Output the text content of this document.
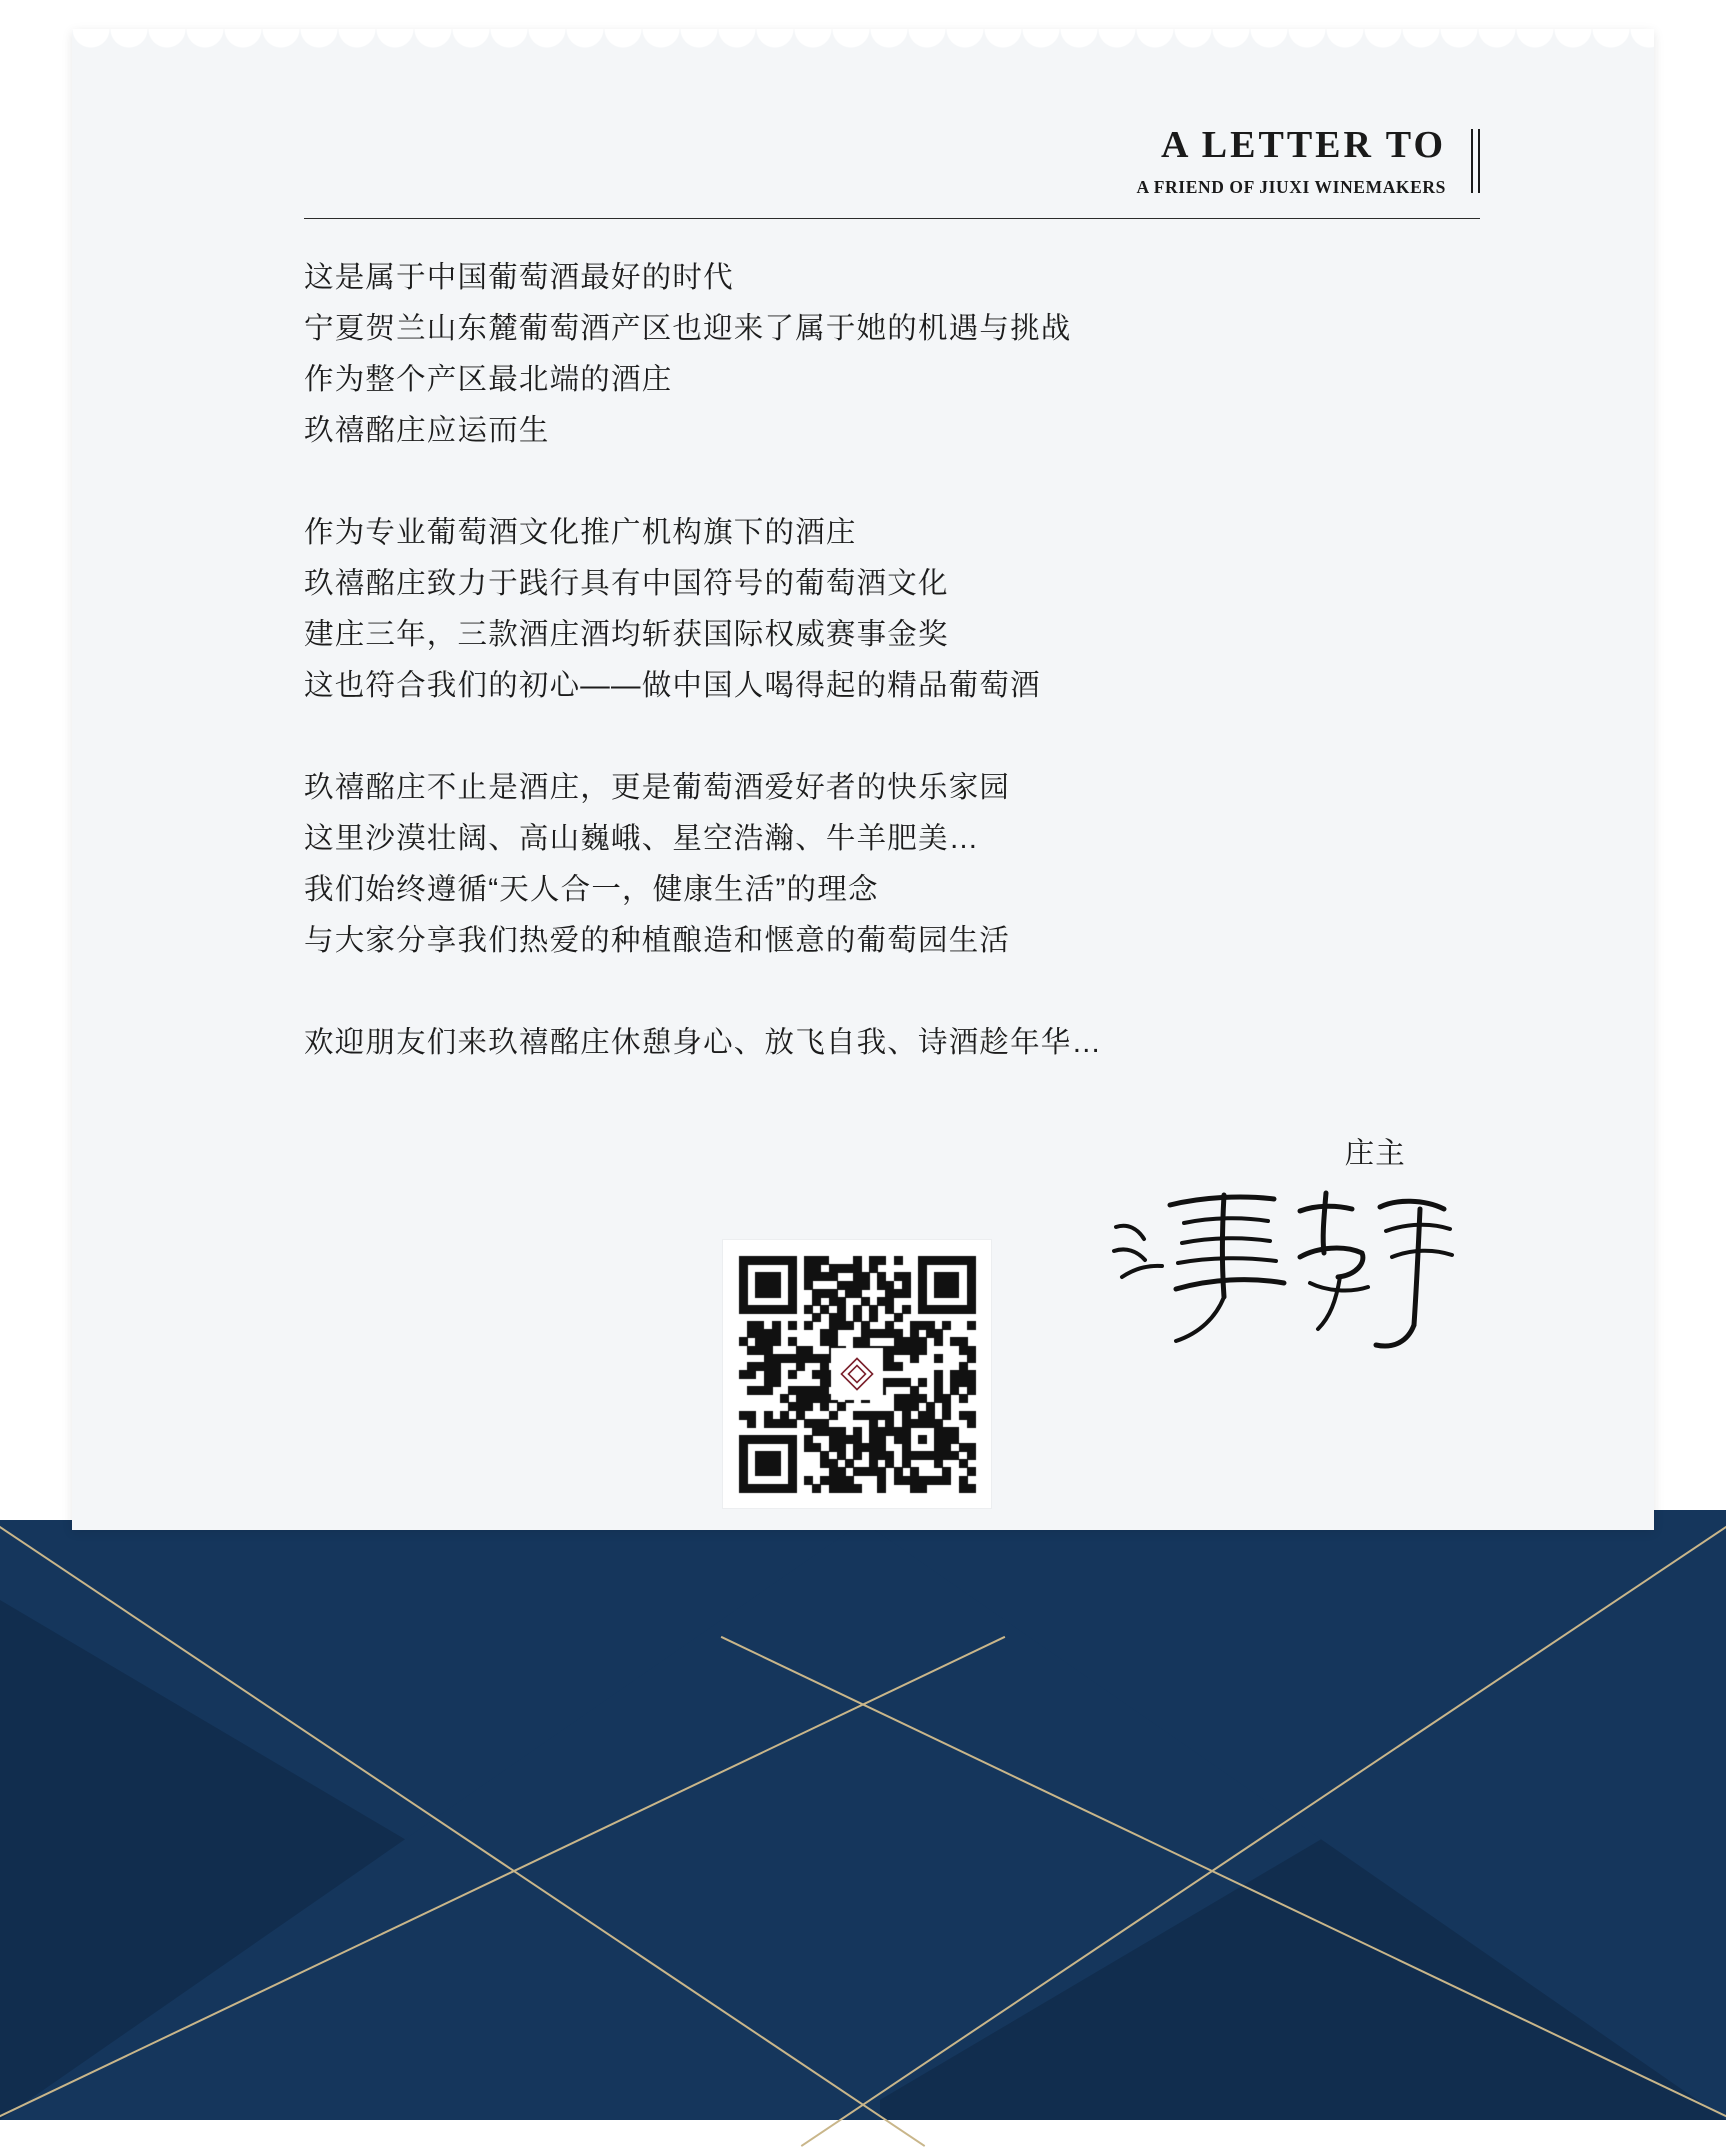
A LETTER TO
A FRIEND OF JIUXI WINEMAKERS
这是属于中国葡萄酒最好的时代
宁夏贺兰山东麓葡萄酒产区也迎来了属于她的机遇与挑战
作为整个产区最北端的酒庄
玖禧酩庄应运而生
作为专业葡萄酒文化推广机构旗下的酒庄
玖禧酩庄致力于践行具有中国符号的葡萄酒文化
建庄三年，三款酒庄酒均斩获国际权威赛事金奖
这也符合我们的初心——做中国人喝得起的精品葡萄酒
玖禧酩庄不止是酒庄，更是葡萄酒爱好者的快乐家园
这里沙漠壮阔、高山巍峨、星空浩瀚、牛羊肥美…
我们始终遵循“天人合一，健康生活”的理念
与大家分享我们热爱的种植酿造和惬意的葡萄园生活
欢迎朋友们来玖禧酩庄休憩身心、放飞自我、诗酒趁年华…
庄主
